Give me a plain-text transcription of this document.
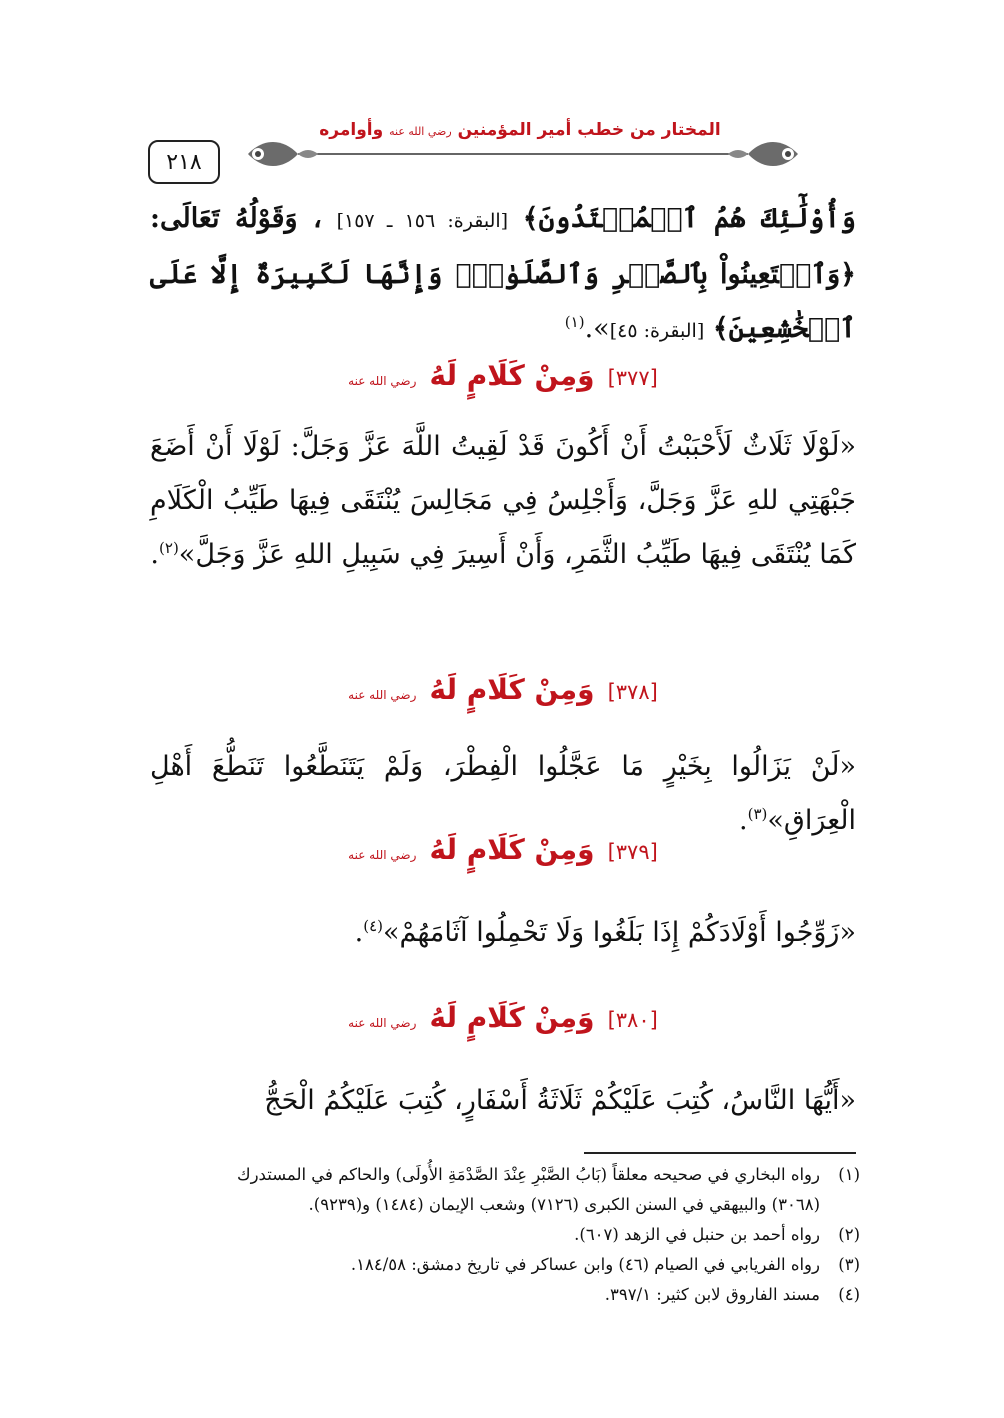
٢١٨
المختار من خطب أمير المؤمنين رضي الله عنه وأوامره
وَأُوْلَٰٓئِكَ هُمُ ٱلۡمُهۡتَدُونَ﴾ [البقرة: ١٥٦ ـ ١٥٧] ، وَقَوْلُهُ تَعَالَى: ﴿وَٱسۡتَعِينُواْ بِٱلصَّبۡرِ وَٱلصَّلَوٰةِۚ وَإِنَّهَا لَكَبِيرَةٌ إِلَّا عَلَى ٱلۡخَٰشِعِينَ﴾ [البقرة: ٤٥]».$^{(١)}$
[٣٧٧] وَمِنْ كَلَامٍ لَهُ رضي الله عنه
«لَوْلَا ثَلَاثٌ لَأَحْبَبْتُ أَنْ أَكُونَ قَدْ لَقِيتُ اللَّهَ عَزَّ وَجَلَّ: لَوْلَا أَنْ أَضَعَ جَبْهَتِي للهِ عَزَّ وَجَلَّ، وَأَجْلِسُ فِي مَجَالِسَ يُنْتَقَى فِيهَا طَيِّبُ الْكَلَامِ كَمَا يُنْتَقَى فِيهَا طَيِّبُ الثَّمَرِ، وَأَنْ أَسِيرَ فِي سَبِيلِ اللهِ عَزَّ وَجَلَّ»$^{(٢)}$.
[٣٧٨] وَمِنْ كَلَامٍ لَهُ رضي الله عنه
«لَنْ يَزَالُوا بِخَيْرٍ مَا عَجَّلُوا الْفِطْرَ، وَلَمْ يَتَنَطَّعُوا تَنَطُّعَ أَهْلِ الْعِرَاقِ»$^{(٣)}$.
[٣٧٩] وَمِنْ كَلَامٍ لَهُ رضي الله عنه
«زَوِّجُوا أَوْلَادَكُمْ إِذَا بَلَغُوا وَلَا تَحْمِلُوا آثَامَهُمْ»$^{(٤)}$.
[٣٨٠] وَمِنْ كَلَامٍ لَهُ رضي الله عنه
«أَيُّهَا النَّاسُ، كُتِبَ عَلَيْكُمْ ثَلَاثَةُ أَسْفَارٍ، كُتِبَ عَلَيْكُمُ الْحَجُّ
(١)رواه البخاري في صحيحه معلقاً (بَابُ الصَّبْرِ عِنْدَ الصَّدْمَةِ الأُولَى) والحاكم في المستدرك
(٣٠٦٨) والبيهقي في السنن الكبرى (٧١٢٦) وشعب الإيمان (١٤٨٤) و(٩٢٣٩).
(٢)رواه أحمد بن حنبل في الزهد (٦٠٧).
(٣)رواه الفريابي في الصيام (٤٦) وابن عساكر في تاريخ دمشق: ١٨٤/٥٨.
(٤)مسند الفاروق لابن كثير: ٣٩٧/١.
